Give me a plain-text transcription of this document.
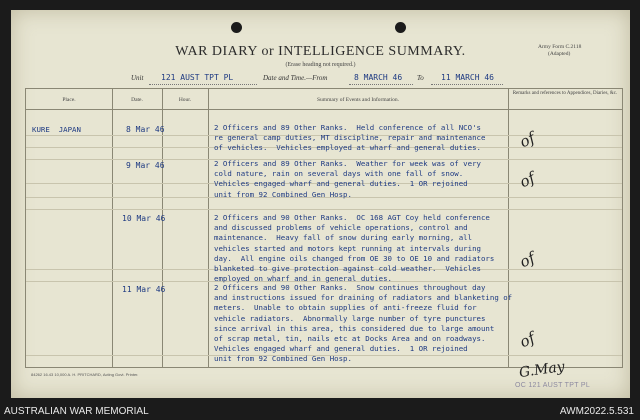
WAR DIARY or INTELLIGENCE SUMMARY.
(Erase heading not required.)
Army Form C.2118
(Adapted)
Unit 121 AUST TPT PL	Date and Time.—From	8 MARCH 46 To 11 MARCH 46
Place.	Date.	Hour.	Summary of Events and Information.
Remarks and references to Appendices, Diaries, &c.
KURE  JAPAN	8 Mar 46	2 Officers and 89 Other Ranks.  Held conference of all NCO's
re general camp duties, MT discipline, repair and maintenance
of vehicles.  Vehicles employed at wharf and general duties. of
9 Mar 46	2 Officers and 89 Other Ranks.  Weather for week was of very
cold nature, rain on several days with one fall of snow.
Vehicles engaged wharf and general duties.  1 OR rejoined
unit from 92 Combined Gen Hosp.
of
10 Mar 46	2 Officers and 90 Other Ranks.  OC 168 AGT Coy held conference
and discussed problems of vehicle operations, control and
maintenance.  Heavy fall of snow during early morning, all
vehicles started and motors kept running at intervals during
day.  All engine oils changed from OE 30 to OE 10 and radiators
blanketed to give protection against cold weather.  Vehicles
employed on wharf and in general duties.
of
11 Mar 46	2 Officers and 90 Other Ranks.  Snow continues throughout day
and instructions issued for draining of radiators and blanketing of
meters.  Unable to obtain supplies of anti-freeze fluid for
vehicle radiators.  Abnormally large number of tyre punctures
since arrival in this area, this considered due to large amount
of scrap metal, tin, nails etc at Docks Area and on roadways.
Vehicles engaged wharf and general duties.  1 OR rejoined
unit from 92 Combined Gen Hosp.
of
84262 16.43 10,000 A. H. PRITCHARD, Acting Govt. Printer.	G.May
OC 121 AUST TPT PL
AUSTRALIAN WAR MEMORIAL	AWM2022.5.531
